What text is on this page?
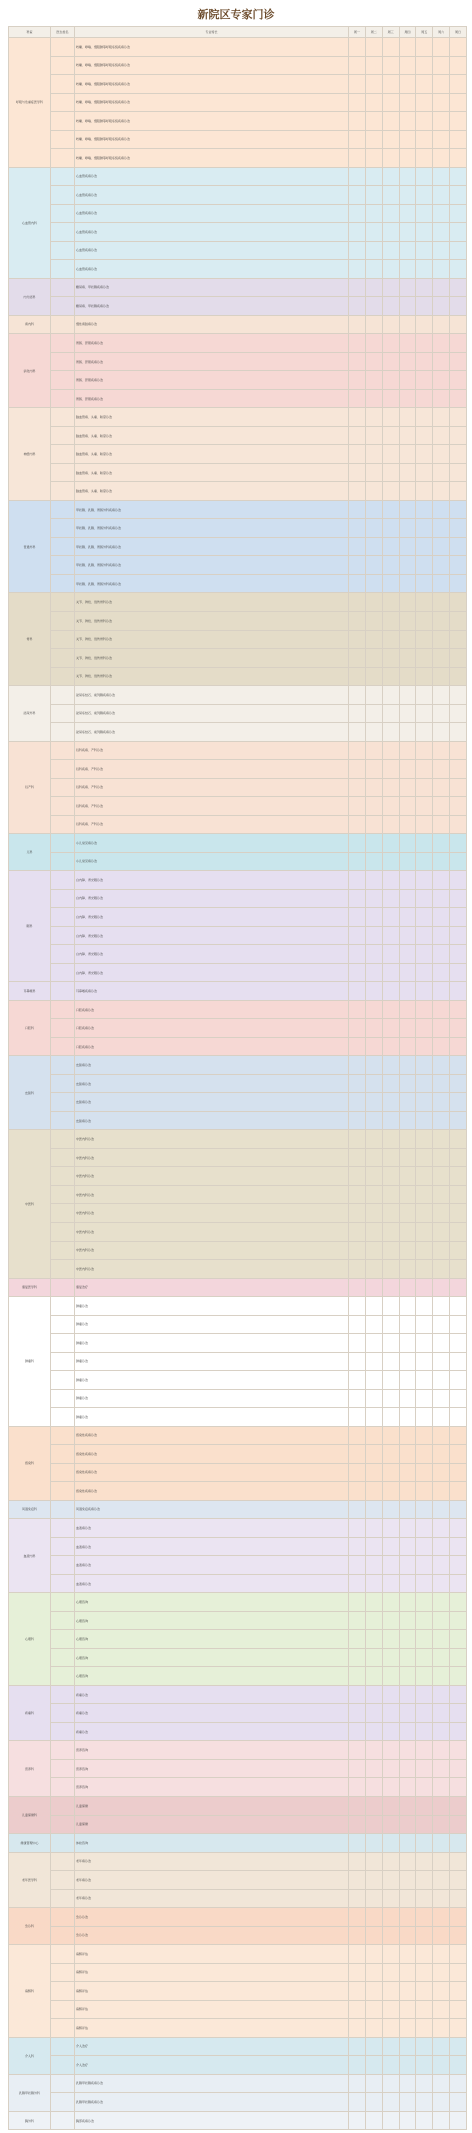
新院区专家门诊
科室	医生姓名	专业特长	周一	周二	周三	周四	周五	周六	周日
呼吸与危重症医学科		咳嗽、哮喘、慢阻肺等呼吸系统疾病诊治							
		咳嗽、哮喘、慢阻肺等呼吸系统疾病诊治							
		咳嗽、哮喘、慢阻肺等呼吸系统疾病诊治							
		咳嗽、哮喘、慢阻肺等呼吸系统疾病诊治							
		咳嗽、哮喘、慢阻肺等呼吸系统疾病诊治							
		咳嗽、哮喘、慢阻肺等呼吸系统疾病诊治							
		咳嗽、哮喘、慢阻肺等呼吸系统疾病诊治							
心血管内科		心血管疾病诊治							
		心血管疾病诊治							
		心血管疾病诊治							
		心血管疾病诊治							
		心血管疾病诊治							
		心血管疾病诊治							
内分泌科		糖尿病、甲状腺疾病诊治							
		糖尿病、甲状腺疾病诊治							
肾内科		慢性肾脏病诊治							
消化内科		胃肠、肝胆疾病诊治							
		胃肠、肝胆疾病诊治							
		胃肠、肝胆疾病诊治							
		胃肠、肝胆疾病诊治							
神经内科		脑血管病、头痛、眩晕诊治							
		脑血管病、头痛、眩晕诊治							
		脑血管病、头痛、眩晕诊治							
		脑血管病、头痛、眩晕诊治							
		脑血管病、头痛、眩晕诊治							
普通外科		甲状腺、乳腺、胃肠外科疾病诊治							
		甲状腺、乳腺、胃肠外科疾病诊治							
		甲状腺、乳腺、胃肠外科疾病诊治							
		甲状腺、乳腺、胃肠外科疾病诊治							
		甲状腺、乳腺、胃肠外科疾病诊治							
骨科		关节、脊柱、创伤骨科诊治							
		关节、脊柱、创伤骨科诊治							
		关节、脊柱、创伤骨科诊治							
		关节、脊柱、创伤骨科诊治							
		关节、脊柱、创伤骨科诊治							
泌尿外科		泌尿系结石、前列腺疾病诊治							
		泌尿系结石、前列腺疾病诊治							
		泌尿系结石、前列腺疾病诊治							
妇产科		妇科疾病、产科诊治							
		妇科疾病、产科诊治							
		妇科疾病、产科诊治							
		妇科疾病、产科诊治							
		妇科疾病、产科诊治							
儿科		小儿常见病诊治							
		小儿常见病诊治							
眼科		白内障、青光眼诊治							
		白内障、青光眼诊治							
		白内障、青光眼诊治							
		白内障、青光眼诊治							
		白内障、青光眼诊治							
		白内障、青光眼诊治							
耳鼻喉科		耳鼻喉疾病诊治							
口腔科		口腔疾病诊治							
		口腔疾病诊治							
		口腔疾病诊治							
皮肤科		皮肤病诊治							
		皮肤病诊治							
		皮肤病诊治							
		皮肤病诊治							
中医科		中医内科诊治							
		中医内科诊治							
		中医内科诊治							
		中医内科诊治							
		中医内科诊治							
		中医内科诊治							
		中医内科诊治							
		中医内科诊治							
康复医学科		康复治疗							
肿瘤科		肿瘤诊治							
		肿瘤诊治							
		肿瘤诊治							
		肿瘤诊治							
		肿瘤诊治							
		肿瘤诊治							
		肿瘤诊治							
感染科		感染性疾病诊治							
		感染性疾病诊治							
		感染性疾病诊治							
		感染性疾病诊治							
风湿免疫科		风湿免疫疾病诊治							
血液内科		血液病诊治							
		血液病诊治							
		血液病诊治							
		血液病诊治							
心理科		心理咨询							
		心理咨询							
		心理咨询							
		心理咨询							
		心理咨询							
疼痛科		疼痛诊治							
		疼痛诊治							
		疼痛诊治							
营养科		营养咨询							
		营养咨询							
		营养咨询							
儿童保健科		儿童保健							
		儿童保健							
健康管理中心		体检咨询							
老年医学科		老年病诊治							
		老年病诊治							
		老年病诊治							
急诊科		急诊诊治							
		急诊诊治							
麻醉科		麻醉评估							
		麻醉评估							
		麻醉评估							
		麻醉评估							
		麻醉评估							
介入科		介入治疗							
		介入治疗							
乳腺甲状腺外科		乳腺甲状腺疾病诊治							
		乳腺甲状腺疾病诊治							
胸外科		胸部疾病诊治							
